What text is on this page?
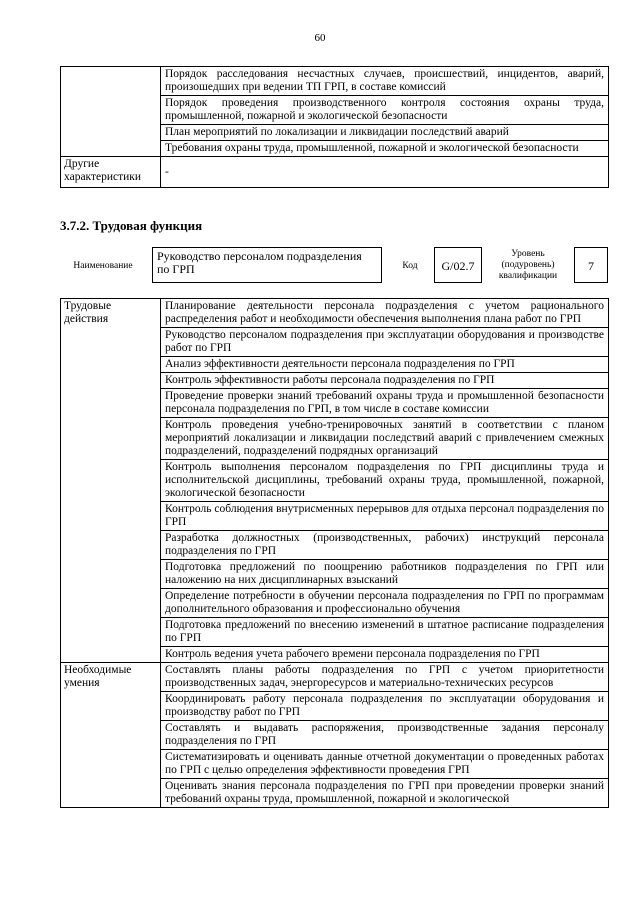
60
	Порядок расследования несчастных случаев, происшествий, инцидентов, аварий, произошедших при ведении ТП ГРП, в составе комиссий
	Порядок проведения производственного контроля состояния охраны труда, промышленной, пожарной и экологической безопасности
	План мероприятий по локализации и ликвидации последствий аварий
	Требования охраны труда, промышленной, пожарной и экологической безопасности
Другие характеристики	-
3.7.2. Трудовая функция
Наименование
Руководство персоналом подразделения по ГРП	Код	G/02.7
Уровень (подуровень) квалификации
7
Трудовые действия	Планирование деятельности персонала подразделения с учетом рационального распределения работ и необходимости обеспечения выполнения плана работ по ГРП
	Руководство персоналом подразделения при эксплуатации оборудования и производстве работ по ГРП
	Анализ эффективности деятельности персонала подразделения по ГРП
	Контроль эффективности работы персонала подразделения по ГРП
	Проведение проверки знаний требований охраны труда и промышленной безопасности персонала подразделения по ГРП, в том числе в составе комиссии
	Контроль проведения учебно-тренировочных занятий в соответствии с планом мероприятий локализации и ликвидации последствий аварий с привлечением смежных подразделений, подразделений подрядных организаций
	Контроль выполнения персоналом подразделения по ГРП дисциплины труда и исполнительской дисциплины, требований охраны труда, промышленной, пожарной, экологической безопасности
	Контроль соблюдения внутрисменных перерывов для отдыха персонал подразделения по ГРП
	Разработка должностных (производственных, рабочих) инструкций персонала подразделения по ГРП
	Подготовка предложений по поощрению работников подразделения по ГРП или наложению на них дисциплинарных взысканий
	Определение потребности в обучении персонала подразделения по ГРП по программам дополнительного образования и профессионально обучения
	Подготовка предложений по внесению изменений в штатное расписание подразделения по ГРП
	Контроль ведения учета рабочего времени персонала подразделения по ГРП
Необходимые умения	Составлять планы работы подразделения по ГРП с учетом приоритетности производственных задач, энергоресурсов и материально-технических ресурсов
	Координировать работу персонала подразделения по эксплуатации оборудования и производству работ по ГРП
	Составлять и выдавать распоряжения, производственные задания персоналу подразделения по ГРП
	Систематизировать и оценивать данные отчетной документации о проведенных работах по ГРП с целью определения эффективности проведения ГРП
	Оценивать знания персонала подразделения по ГРП при проведении проверки знаний требований охраны труда, промышленной, пожарной и экологической
